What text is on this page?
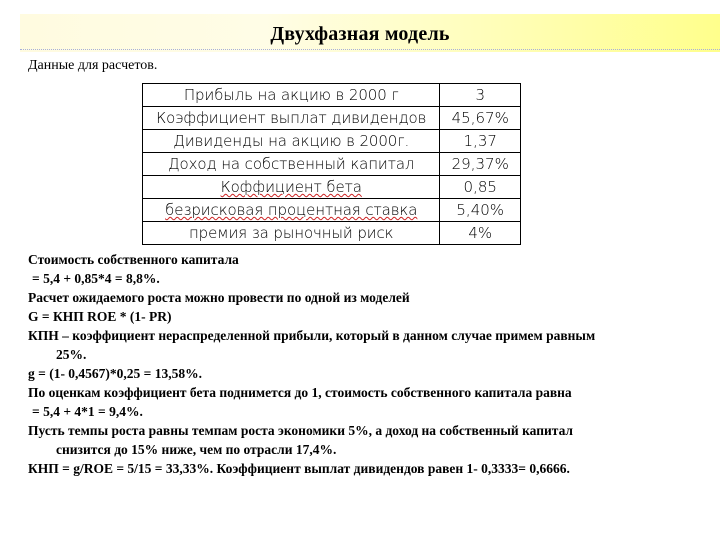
Двухфазная модель
Данные для расчетов.
Прибыль на акцию в 2000 г	3
Коэффициент выплат дивидендов	45,67%
Дивиденды на акцию в 2000г.	1,37
Доход на собственный капитал	29,37%
Коффициент бета	0,85
безрисковая процентная ставка	5,40%
премия за рыночный риск	4%

Стоимость собственного капитала

= 5,4 + 0,85*4 = 8,8%.

Расчет ожидаемого роста можно провести по одной из моделей

G = КНП ROE * (1- PR)

КПН – коэффициент нераспределенной прибыли, который в данном случае примем равным

25%.

g = (1- 0,4567)*0,25 = 13,58%.

По оценкам коэффициент бета поднимется до 1, стоимость собственного капитала равна

= 5,4 + 4*1 = 9,4%.

Пусть темпы роста равны темпам роста экономики 5%, а доход на собственный капитал

снизится до 15% ниже, чем по отрасли 17,4%.

КНП = g/ROE = 5/15 = 33,33%. Коэффициент выплат дивидендов равен 1- 0,3333= 0,6666.
